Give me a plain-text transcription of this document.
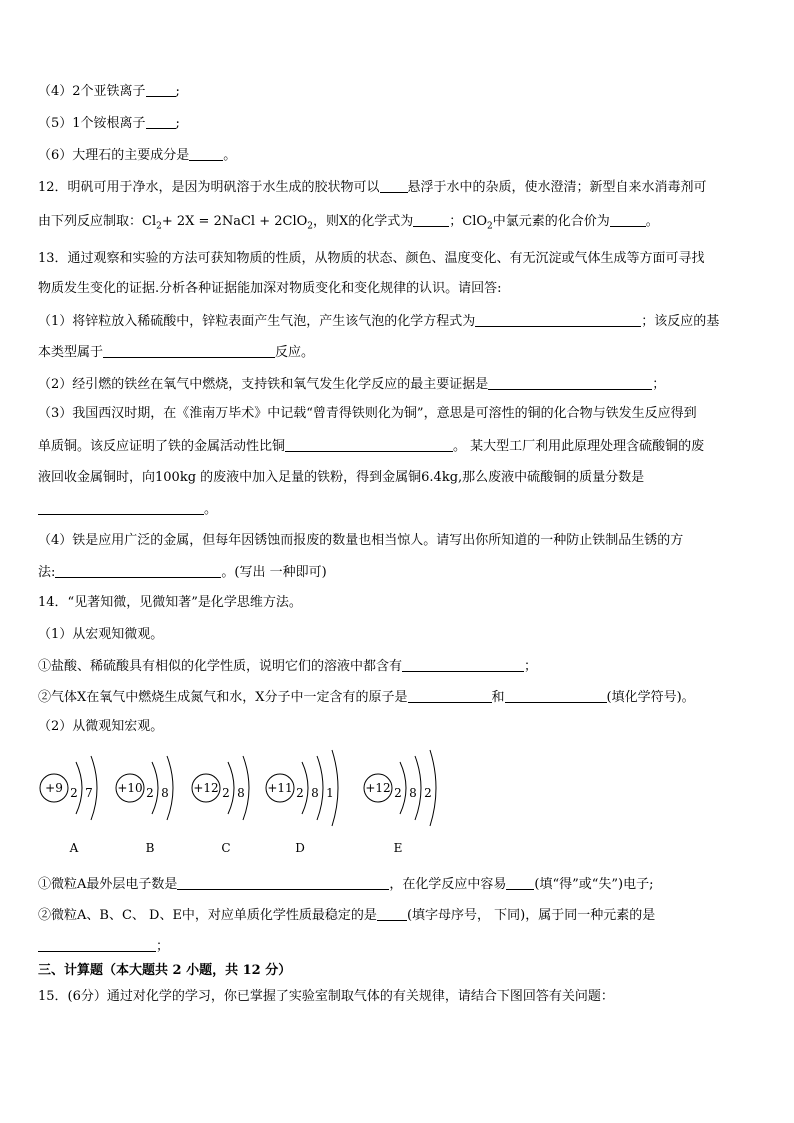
（4）2个亚铁离子 ;
（5）1个铵根离子 ;
（6）大理石的主要成分是	。
12．明矾可用于净水，是因为明矾溶于水生成的胶状物可以 悬浮于水中的杂质，使水澄清；新型自来水消毒剂可
由下列反应制取：$Cl_2+ 2X$ = 2NaCl + 2ClO$_2$，则X的化学式为	；ClO$_2$中氯元素的化合价为	。
13．通过观察和实验的方法可获知物质的性质，从物质的状态、颜色、温度变化、有无沉淀或气体生成等方面可寻找
物质发生变化的证据.分析各种证据能加深对物质变化和变化规律的认识。请回答:
（1）将锌粒放入稀硫酸中，锌粒表面产生气泡，产生该气泡的化学方程式为	；该反应的基
本类型属于	反应。
（2）经引燃的铁丝在氧气中燃烧，支持铁和氧气发生化学反应的最主要证据是	；
（3）我国西汉时期，在《淮南万毕术》中记载“曾青得铁则化为铜”，意思是可溶性的铜的化合物与铁发生反应得到
单质铜。该反应证明了铁的金属活动性比铜	。 某大型工厂利用此原理处理含硫酸铜的废
液回收金属铜时，向100kg 的废液中加入足量的铁粉，得到金属铜6.4kg,那么废液中硫酸铜的质量分数是
。
（4）铁是应用广泛的金属，但每年因锈蚀而报废的数量也相当惊人。请写出你所知道的一种防止铁制品生锈的方
法:	。(写出 一种即可)
14．“见著知微，见微知著”是化学思维方法。
（1）从宏观知微观。
①盐酸、稀硫酸具有相似的化学性质，说明它们的溶液中都含有	；
②气体X在氧气中燃烧生成氮气和水，X分子中一定含有的原子是	和	(填化学符号)。
（2）从微观知宏观。
+9 2 7
A
+10 2 8
B
+12 2 8
C
+11 2 8 1
D
+12 2 8 2
E
①微粒A最外层电子数是	，在化学反应中容易 (填“得”或“失”)电子;
②微粒A、B、C、 D、E中，对应单质化学性质最稳定的是 (填字母序号， 下同)，属于同一种元素的是
；
三、计算题（本大题共 2 小题，共 12 分）
15．(6分）通过对化学的学习，你已掌握了实验室制取气体的有关规律，请结合下图回答有关问题：
